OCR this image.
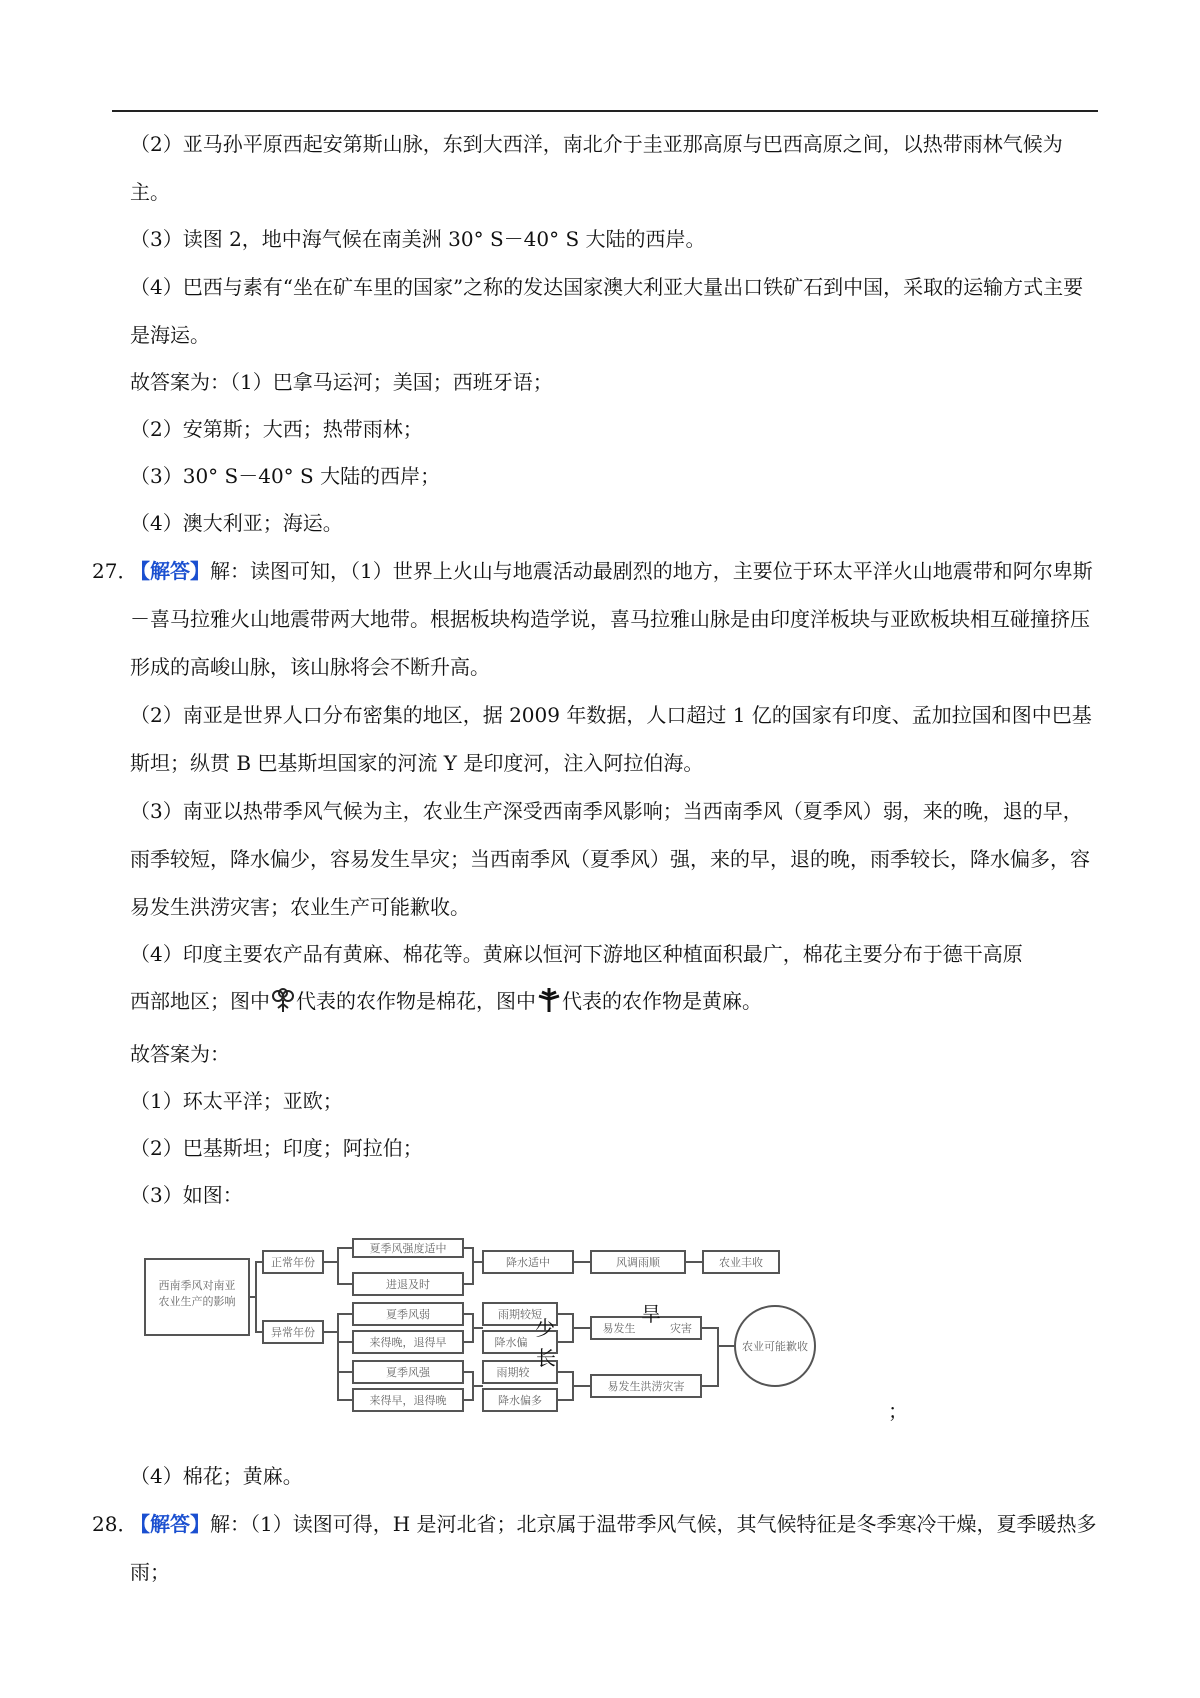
（2）亚马孙平原西起安第斯山脉，东到大西洋，南北介于圭亚那高原与巴西高原之间，以热带雨林气候为主。

（3）读图 2，地中海气候在南美洲 30° S－40° S 大陆的西岸。

（4）巴西与素有“坐在矿车里的国家”之称的发达国家澳大利亚大量出口铁矿石到中国，采取的运输方式主要是海运。

故答案为：（1）巴拿马运河；美国；西班牙语；

（2）安第斯；大西；热带雨林；

（3）30° S－40° S 大陆的西岸；

（4）澳大利亚；海运。

27．
【解答】解：读图可知，（1）世界上火山与地震活动最剧烈的地方，主要位于环太平洋火山地震带和阿尔卑斯－喜马拉雅火山地震带两大地带。根据板块构造学说，喜马拉雅山脉是由印度洋板块与亚欧板块相互碰撞挤压形成的高峻山脉，该山脉将会不断升高。

（2）南亚是世界人口分布密集的地区，据 2009 年数据，人口超过 1 亿的国家有印度、孟加拉国和图中巴基斯坦；纵贯 B 巴基斯坦国家的河流 Y 是印度河，注入阿拉伯海。

（3）南亚以热带季风气候为主，农业生产深受西南季风影响；当西南季风（夏季风）弱，来的晚，退的早，雨季较短，降水偏少，容易发生旱灾；当西南季风（夏季风）强，来的早，退的晚，雨季较长，降水偏多，容易发生洪涝灾害；农业生产可能歉收。

（4）印度主要农产品有黄麻、棉花等。黄麻以恒河下游地区种植面积最广，棉花主要分布于德干高原

西部地区；图中 代表的农作物是棉花，图中 代表的农作物是黄麻。

故答案为：

（1）环太平洋；亚欧；

（2）巴基斯坦；印度；阿拉伯；

（3）如图：

西南季风对南亚农业生产的影响
正常年份
异常年份
夏季风强度适中
进退及时
降水适中	风调雨顺	农业丰收
夏季风弱
来得晚，退得早
雨期较短
降水偏
少	易发生
旱
灾害
夏季风强
来得早，退得晚
雨期较
长
降水偏多
易发生洪涝灾害
农业可能歉收
；

（4）棉花；黄麻。

28．
【解答】解：（1）读图可得，H 是河北省；北京属于温带季风气候，其气候特征是冬季寒冷干燥，夏季暖热多雨；
